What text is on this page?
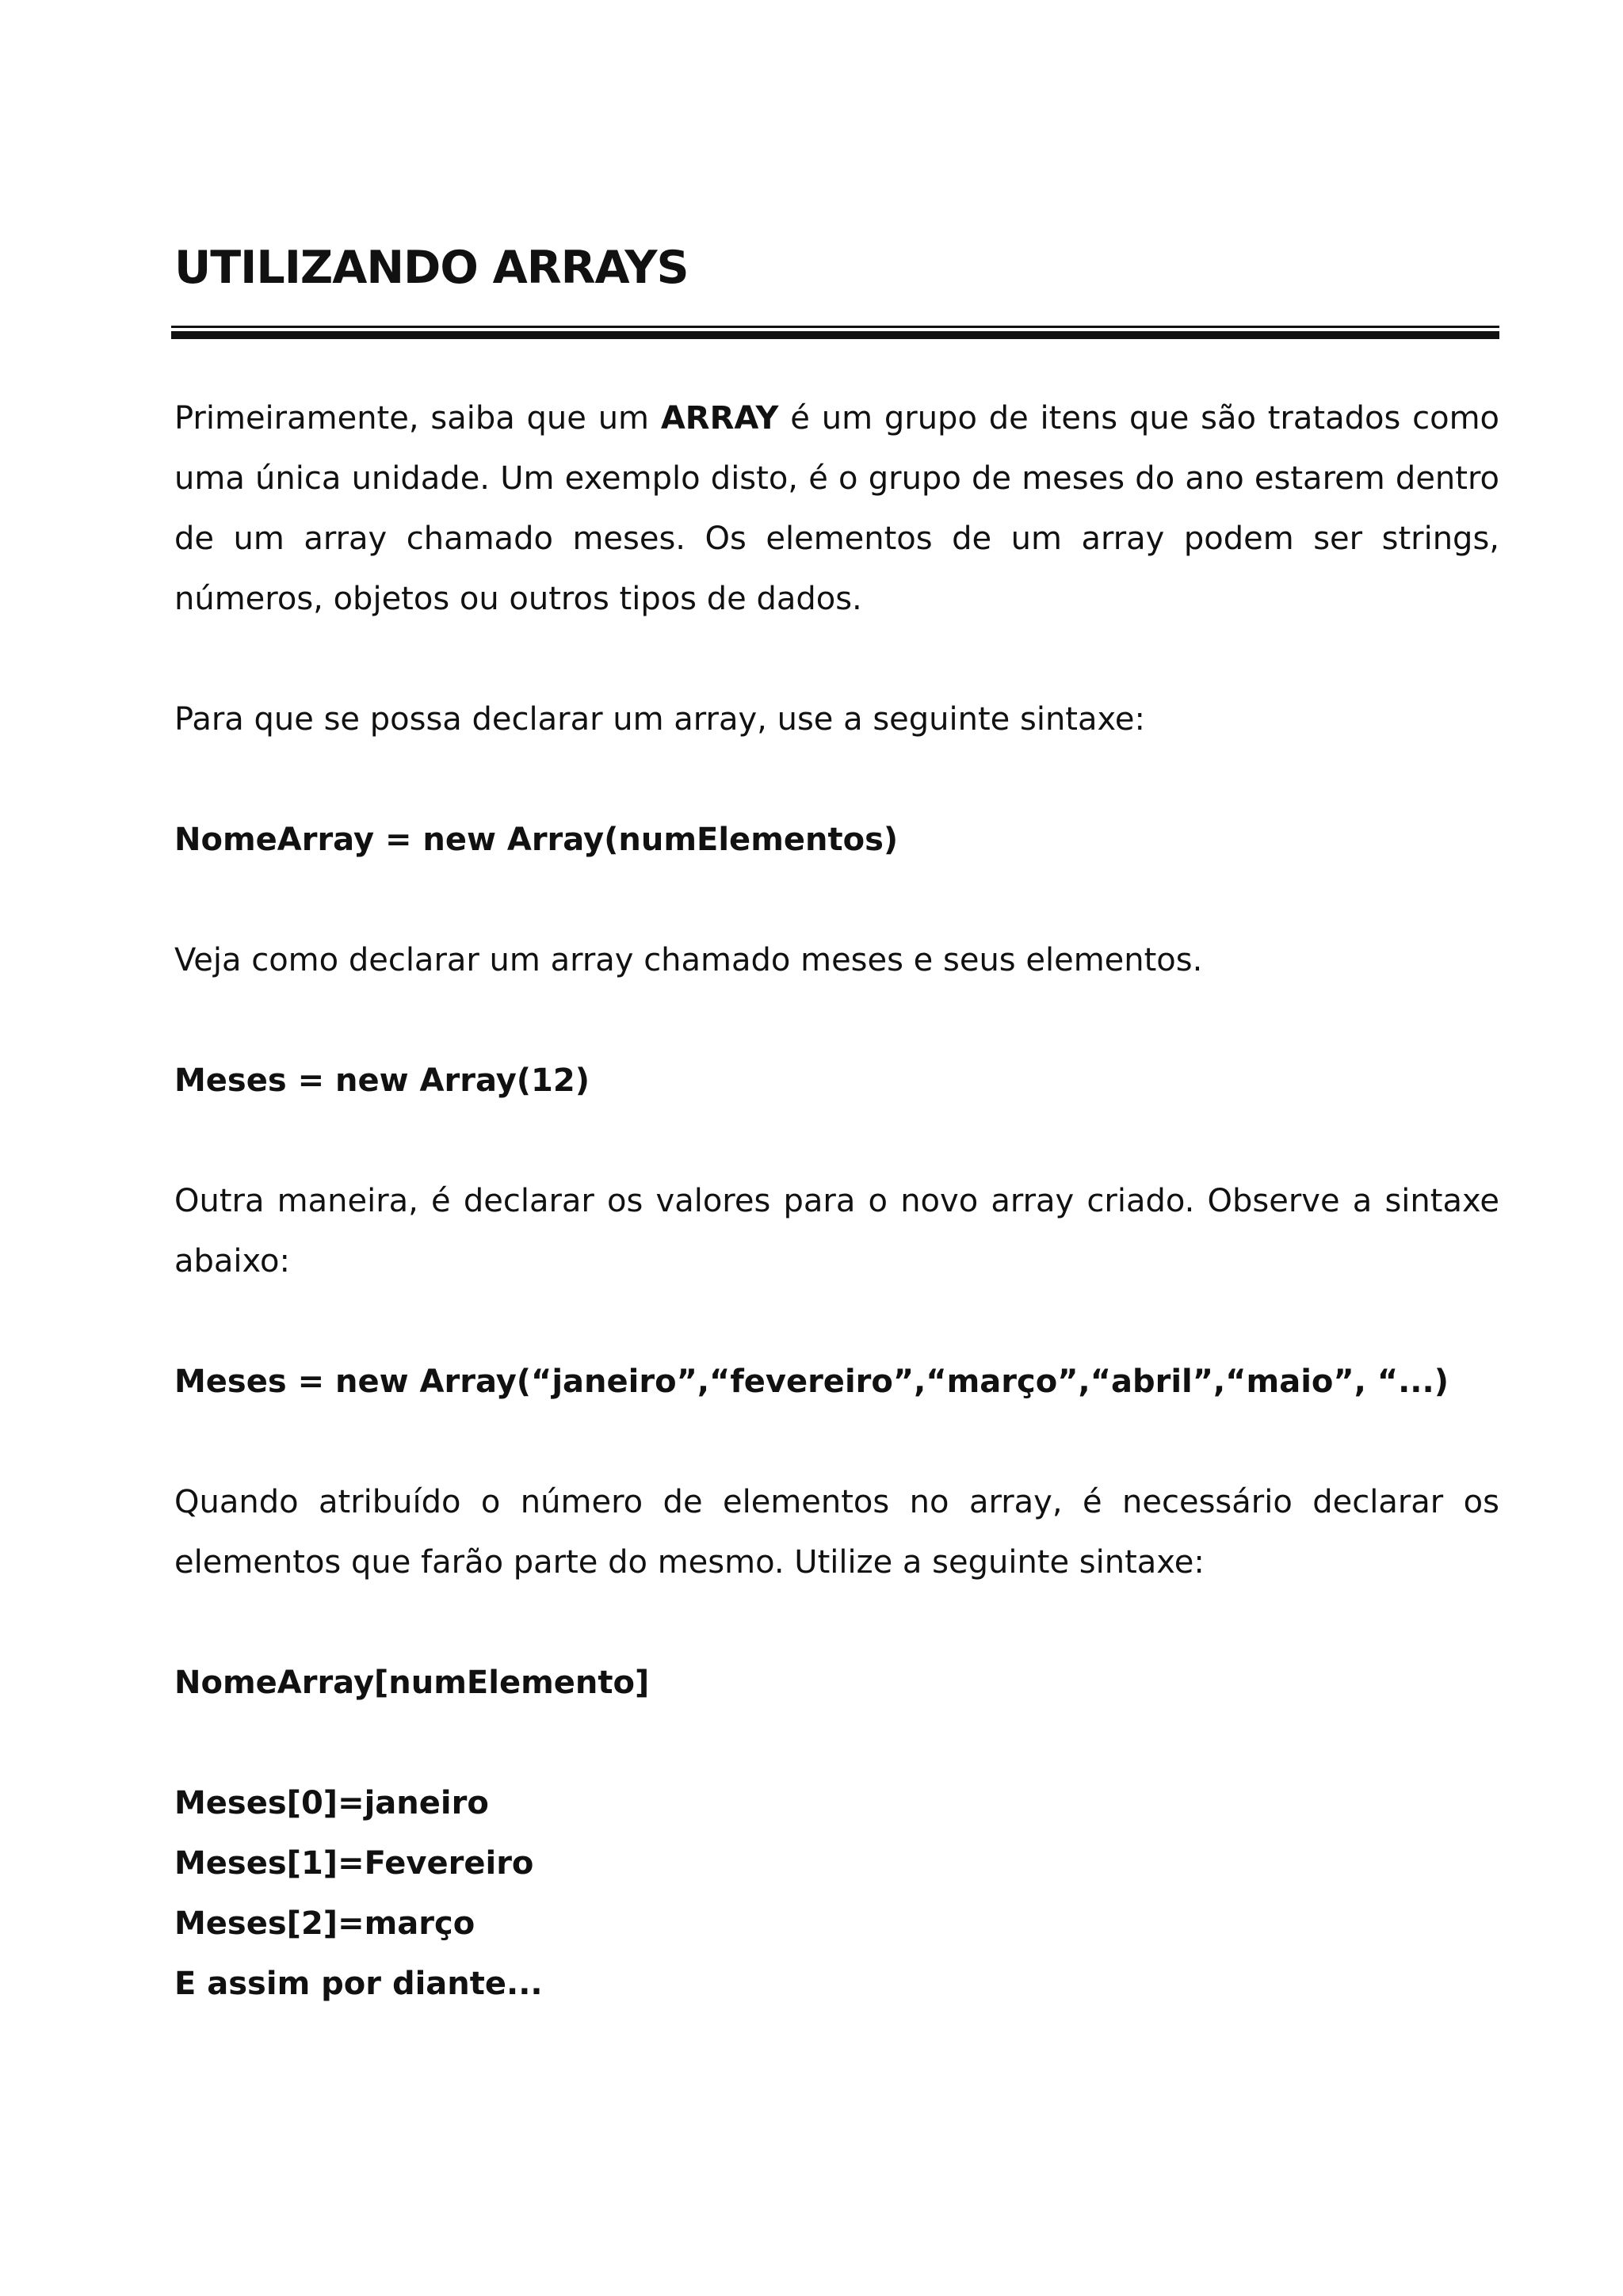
UTILIZANDO ARRAYS

Primeiramente, saiba que um ARRAY é um grupo de itens que são tratados como uma única unidade. Um exemplo disto, é o grupo de meses do ano estarem dentro de um array chamado meses. Os elementos de um array podem ser strings, números, objetos ou outros tipos de dados.

Para que se possa declarar um array, use a seguinte sintaxe:

NomeArray = new Array(numElementos)

Veja como declarar um array chamado meses e seus elementos.

Meses = new Array(12)

Outra maneira, é declarar os valores para o novo array criado. Observe a sintaxe abaixo:

Meses = new Array(“janeiro”,“fevereiro”,“março”,“abril”,“maio”, “...)

Quando atribuído o número de elementos no array, é necessário declarar os elementos que farão parte do mesmo. Utilize a seguinte sintaxe:

NomeArray[numElemento]

Meses[0]=janeiro
Meses[1]=Fevereiro
Meses[2]=março
E assim por diante...
